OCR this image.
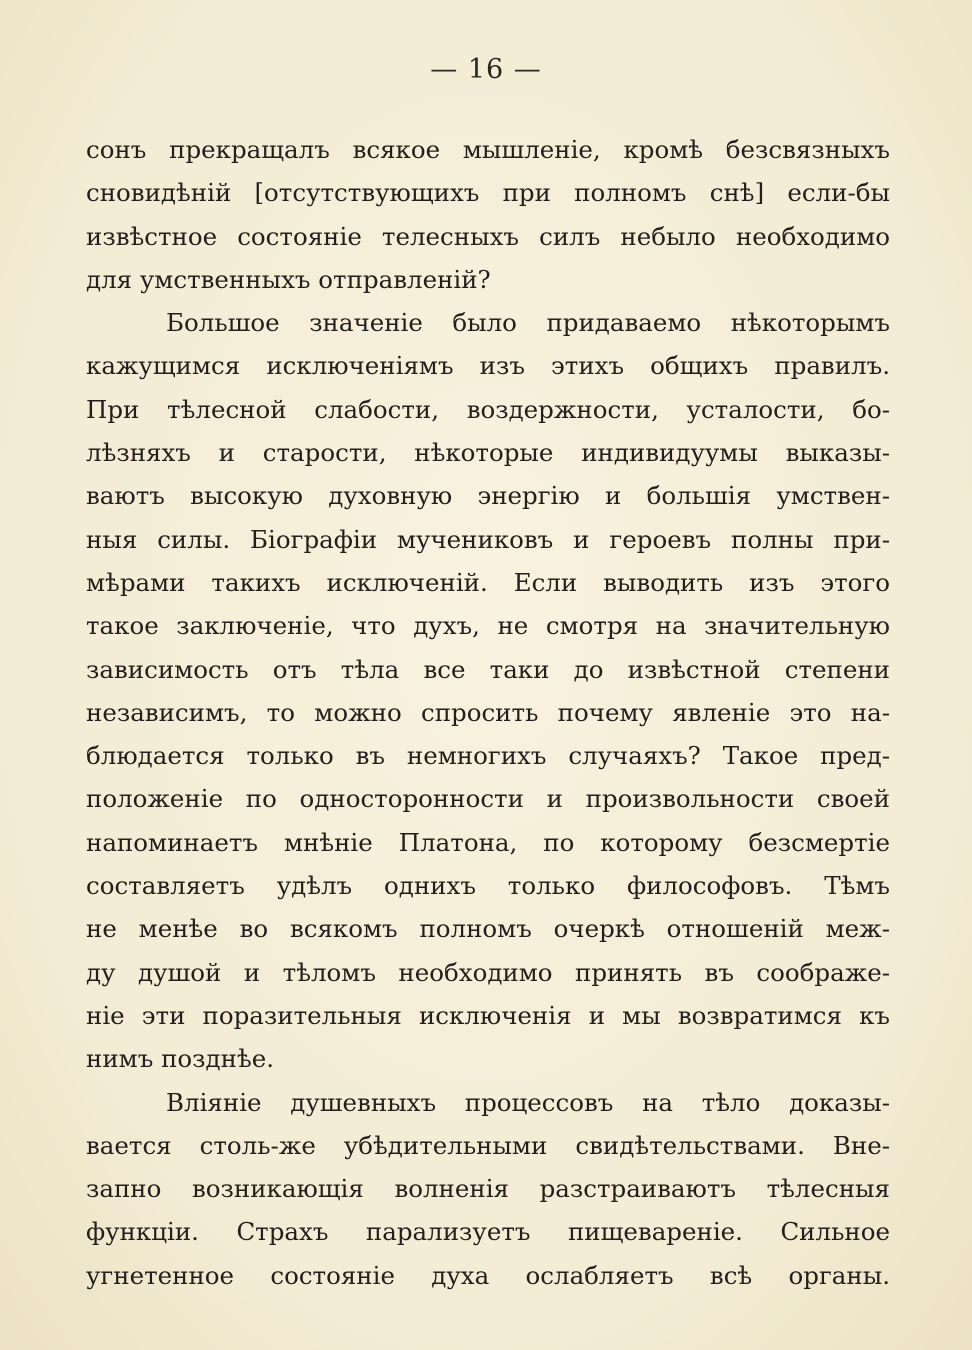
— 16 —
сонъ прекращалъ всякое мышленіе, кромѣ безсвязныхъ
сновидѣній [отсутствующихъ при полномъ снѣ] если-бы
извѣстное состояніе телесныхъ силъ небыло необходимо
для умственныхъ отправленій?
Большое значеніе было придаваемо нѣкоторымъ
кажущимся исключеніямъ изъ этихъ общихъ правилъ.
При тѣлесной слабости, воздержности, усталости, бо-
лѣзняхъ и старости, нѣкоторые индивидуумы выказы-
ваютъ высокую духовную энергію и большія умствен-
ныя силы. Біографіи мучениковъ и героевъ полны при-
мѣрами такихъ исключеній. Если выводить изъ этого
такое заключеніе, что духъ, не смотря на значительную
зависимость отъ тѣла все таки до извѣстной степени
независимъ, то можно спросить почему явленіе это на-
блюдается только въ немногихъ случаяхъ? Такое пред-
положеніе по односторонности и произвольности своей
напоминаетъ мнѣніе Платона, по которому безсмертіе
составляетъ удѣлъ однихъ только философовъ. Тѣмъ
не менѣе во всякомъ полномъ очеркѣ отношеній меж-
ду душой и тѣломъ необходимо принять въ соображе-
ніе эти поразительныя исключенія и мы возвратимся къ
нимъ позднѣе.
Вліяніе душевныхъ процессовъ на тѣло доказы-
вается столь-же убѣдительными свидѣтельствами. Вне-
запно возникающія волненія разстраиваютъ тѣлесныя
функціи. Страхъ парализуетъ пищевареніе. Сильное
угнетенное состояніе духа ослабляетъ всѣ органы.
